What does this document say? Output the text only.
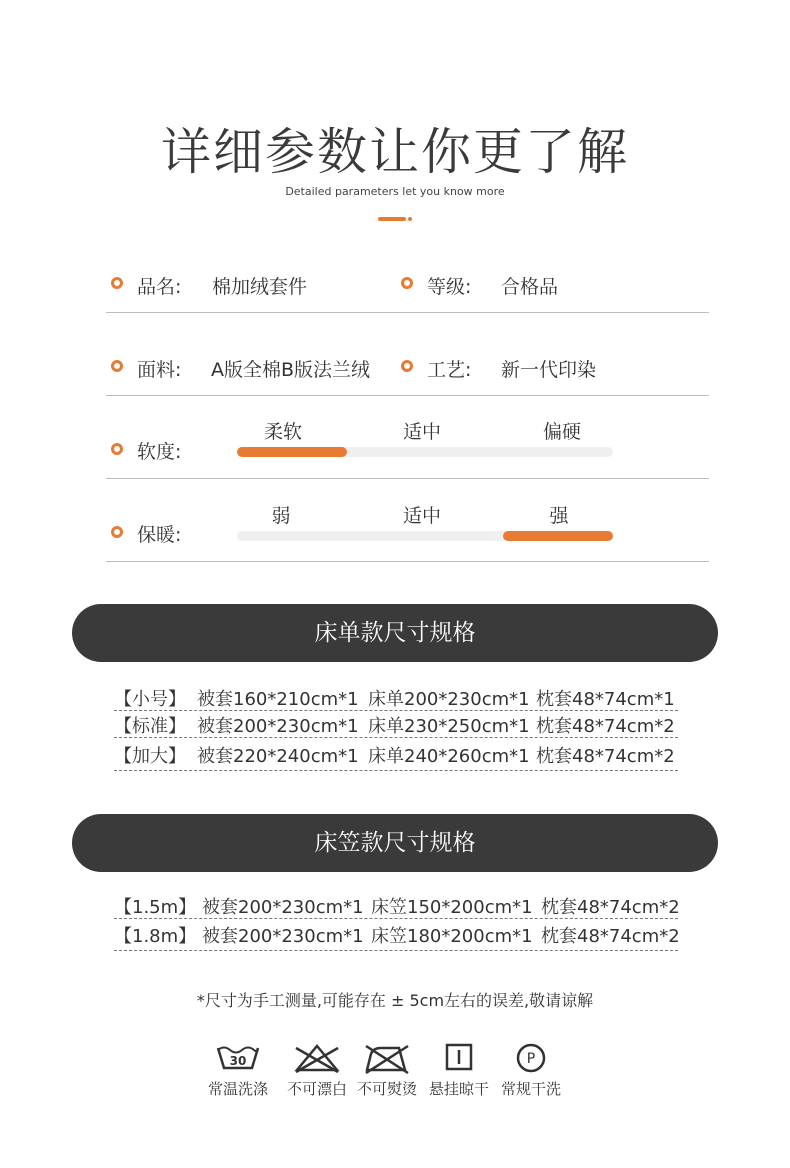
详细参数让你更了解
Detailed parameters let you know more
品名: 棉加绒套件	等级: 合格品
面料: A版全棉B版法兰绒	工艺: 新一代印染
软度:
柔软	适中	偏硬
保暖:
弱	适中	强
床单款尺寸规格
【小号】 被套160*210cm*1 床单200*230cm*1 枕套48*74cm*1
【标准】 被套200*230cm*1 床单230*250cm*1 枕套48*74cm*2
【加大】 被套220*240cm*1 床单240*260cm*1 枕套48*74cm*2
床笠款尺寸规格
【1.5m】 被套200*230cm*1 床笠150*200cm*1 枕套48*74cm*2
【1.8m】 被套200*230cm*1 床笠180*200cm*1 枕套48*74cm*2
*尺寸为手工测量,可能存在 ± 5cm左右的误差,敬请谅解
30
常温洗涤	不可漂白 不可熨烫 悬挂晾干
P
常规干洗
